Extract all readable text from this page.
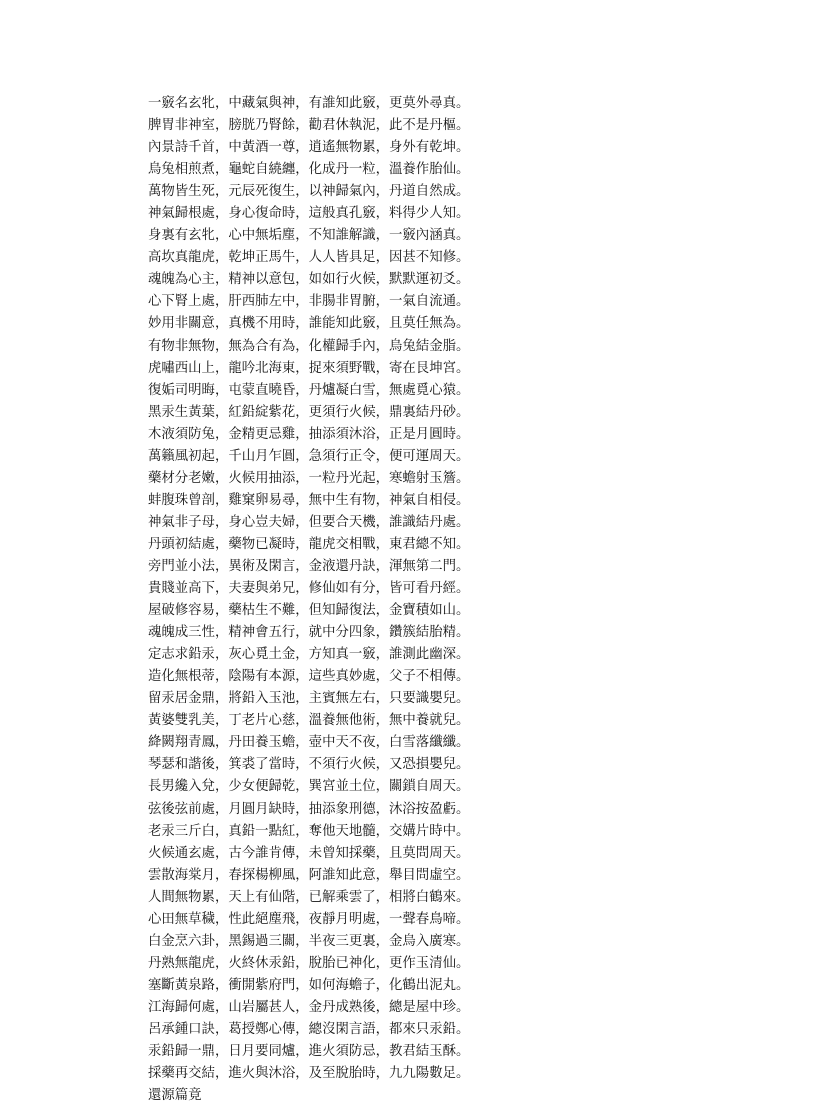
一竅名玄牝，中藏氣與神，有誰知此竅，更莫外尋真。
脾胃非神室，膀胱乃腎餘，勸君休執泥，此不是丹樞。
內景詩千首，中黃酒一尊，逍遙無物累，身外有乾坤。
烏兔相煎煮，龜蛇自繞纏，化成丹一粒，溫養作胎仙。
萬物皆生死，元辰死復生，以神歸氣內，丹道自然成。
神氣歸根處，身心復命時，這般真孔竅，料得少人知。
身裏有玄牝，心中無垢塵，不知誰解識，一竅內涵真。
高坎真龍虎，乾坤正馬牛，人人皆具足，因甚不知修。
魂魄為心主，精神以意包，如如行火候，默默運初爻。
心下腎上處，肝西肺左中，非腸非胃腑，一氣自流通。
妙用非關意，真機不用時，誰能知此竅，且莫任無為。
有物非無物，無為合有為，化權歸手內，烏兔結金脂。
虎嘯西山上，龍吟北海東，捉來須野戰，寄在艮坤宮。
復姤司明晦，屯蒙直曉昏，丹爐凝白雪，無處覓心猿。
黑汞生黃葉，紅鉛綻紫花，更須行火候，鼎裏結丹砂。
木液須防兔，金精更忌雞，抽添須沐浴，正是月圓時。
萬籟風初起，千山月乍圓，急須行正令，便可運周天。
藥材分老嫩，火候用抽添，一粒丹光起，寒蟾射玉簷。
蚌腹珠曾剖，雞窠卵易尋，無中生有物，神氣自相侵。
神氣非子母，身心豈夫婦，但要合天機，誰識結丹處。
丹頭初結處，藥物已凝時，龍虎交相戰，東君總不知。
旁門並小法，異術及閑言，金液還丹訣，渾無第二門。
貴賤並高下，夫妻與弟兄，修仙如有分，皆可看丹經。
屋破修容易，藥枯生不難，但知歸復法，金寶積如山。
魂魄成三性，精神會五行，就中分四象，鑽簇結胎精。
定志求鉛汞，灰心覓土金，方知真一竅，誰測此幽深。
造化無根蒂，陰陽有本源，這些真妙處，父子不相傳。
留汞居金鼎，將鉛入玉池，主賓無左右，只要識嬰兒。
黃婆雙乳美，丁老片心慈，溫養無他術，無中養就兒。
絳闕翔青鳳，丹田養玉蟾，壺中天不夜，白雪落纖纖。
琴瑟和諧後，箕裘了當時，不須行火候，又恐損嬰兒。
長男纔入兌，少女便歸乾，巽宮並土位，關鎖自周天。
弦後弦前處，月圓月缺時，抽添象刑德，沐浴按盈虧。
老汞三斤白，真鉛一點紅，奪他天地髓，交媾片時中。
火候通玄處，古今誰肯傳，未曾知採藥，且莫問周天。
雲散海棠月，春探楊柳風，阿誰知此意，舉目問虛空。
人間無物累，天上有仙階，已解乘雲了，相將白鶴來。
心田無草穢，性此絕塵飛，夜靜月明處，一聲春鳥啼。
白金烹六卦，黑錫過三關，半夜三更裏，金烏入廣寒。
丹熟無龍虎，火終休汞鉛，脫胎已神化，更作玉清仙。
塞斷黃泉路，衝開紫府門，如何海蟾子，化鶴出泥丸。
江海歸何處，山岩屬甚人，金丹成熟後，總是屋中珍。
呂承鍾口訣，葛授鄭心傳，總沒閑言語，都來只汞鉛。
汞鉛歸一鼎，日月要同爐，進火須防忌，教君結玉酥。
採藥再交結，進火與沐浴，及至脫胎時，九九陽數足。
還源篇竟
